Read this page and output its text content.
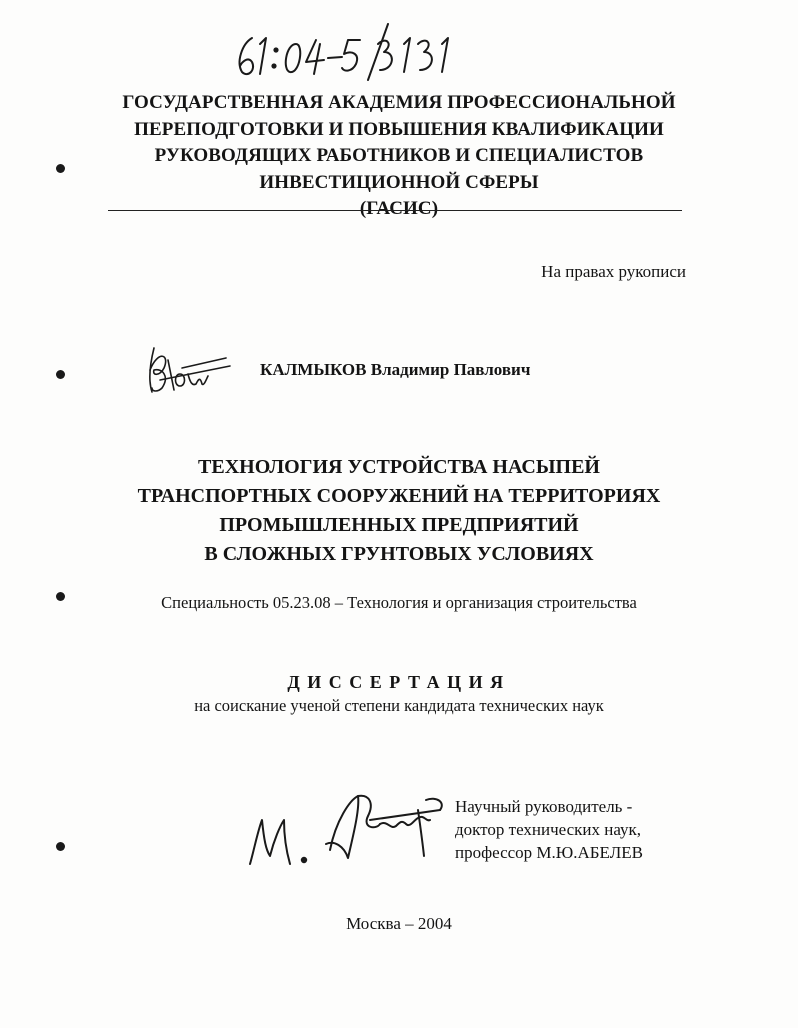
ГОСУДАРСТВЕННАЯ АКАДЕМИЯ ПРОФЕССИОНАЛЬНОЙ
ПЕРЕПОДГОТОВКИ И ПОВЫШЕНИЯ КВАЛИФИКАЦИИ
РУКОВОДЯЩИХ РАБОТНИКОВ И СПЕЦИАЛИСТОВ
ИНВЕСТИЦИОННОЙ СФЕРЫ
(ГАСИС)
На правах рукописи
КАЛМЫКОВ Владимир Павлович
ТЕХНОЛОГИЯ УСТРОЙСТВА НАСЫПЕЙ
ТРАНСПОРТНЫХ СООРУЖЕНИЙ НА ТЕРРИТОРИЯХ
ПРОМЫШЛЕННЫХ ПРЕДПРИЯТИЙ
В СЛОЖНЫХ ГРУНТОВЫХ УСЛОВИЯХ
Специальность 05.23.08 – Технология и организация строительства
ДИССЕРТАЦИЯ
на соискание ученой степени кандидата технических наук
Научный руководитель -
доктор технических наук,
профессор М.Ю.АБЕЛЕВ
Москва – 2004
